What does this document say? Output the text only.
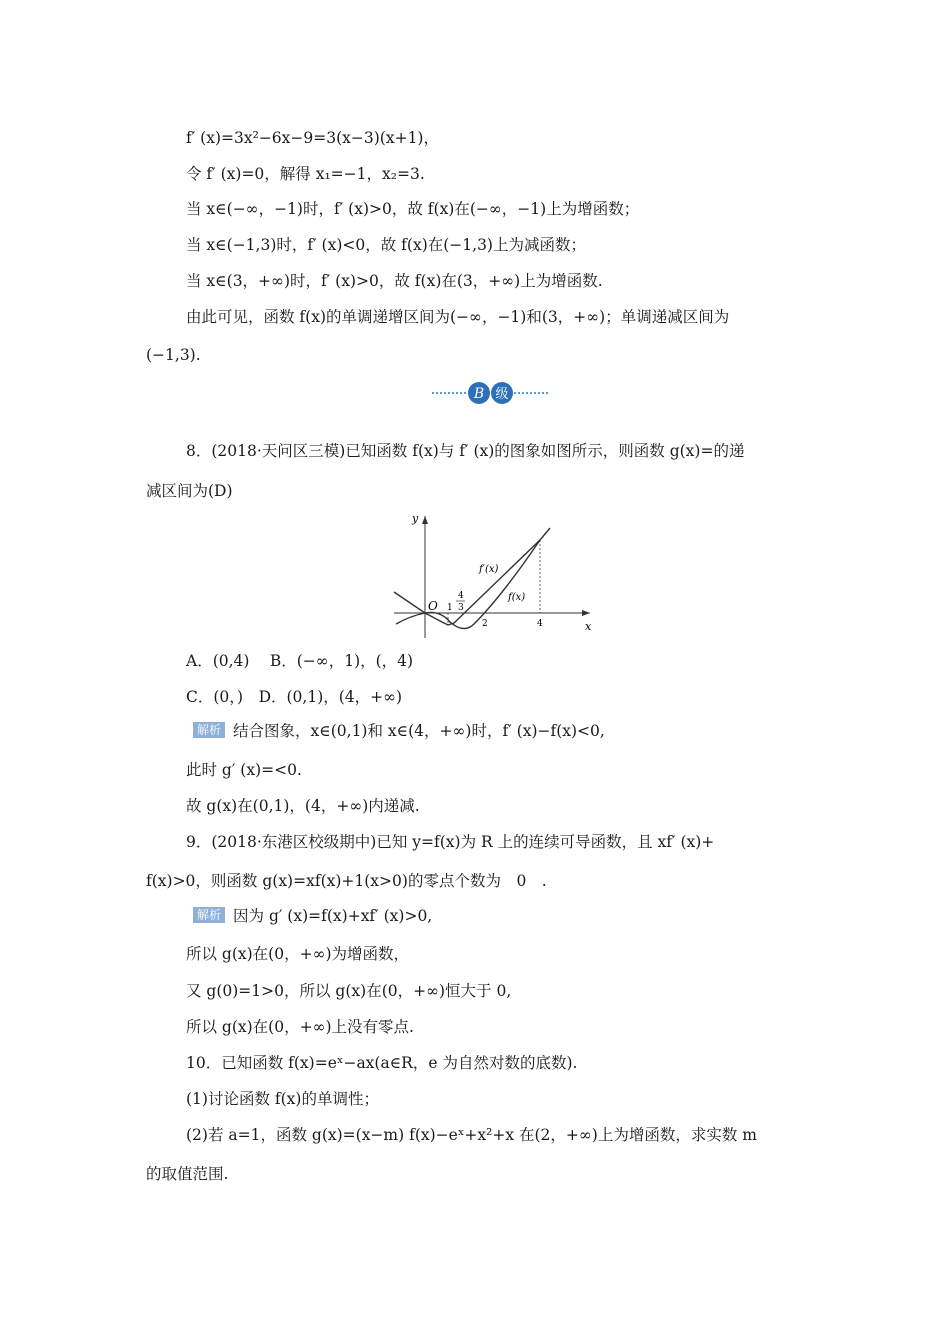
f′ (x)=3x²−6x−9=3(x−3)(x+1)，
令 f′ (x)=0，解得 x₁=−1，x₂=3.
当 x∈(−∞，−1)时，f′ (x)>0，故 f(x)在(−∞，−1)上为增函数；
当 x∈(−1,3)时，f′ (x)<0，故 f(x)在(−1,3)上为减函数；
当 x∈(3，+∞)时，f′ (x)>0，故 f(x)在(3，+∞)上为增函数.
由此可见，函数 f(x)的单调递增区间为(−∞，−1)和(3，+∞)；单调递减区间为
(−1,3).
B 级
8．(2018·天问区三模)已知函数 f(x)与 f′ (x)的图象如图所示，则函数 g(x)=的递
减区间为(D)
y
x
O 1
4
3
2	4
f′(x)
f(x)
A．(0,4)　 B．(−∞，1)，(，4)
C．(0，)　D．(0,1)，(4，+∞)
解析 结合图象，x∈(0,1)和 x∈(4，+∞)时，f′ (x)−f(x)<0,
此时 g′ (x)=<0.
故 g(x)在(0,1)，(4，+∞)内递减.
9．(2018·东港区校级期中)已知 y=f(x)为 R 上的连续可导函数，且 xf′ (x)+
f(x)>0，则函数 g(x)=xf(x)+1(x>0)的零点个数为　0　.
解析 因为 g′ (x)=f(x)+xf′ (x)>0,
所以 g(x)在(0，+∞)为增函数，
又 g(0)=1>0，所以 g(x)在(0，+∞)恒大于 0,
所以 g(x)在(0，+∞)上没有零点.
10．已知函数 f(x)=eˣ−ax(a∈R，e 为自然对数的底数).
(1)讨论函数 f(x)的单调性；
(2)若 a=1，函数 g(x)=(x−m) f(x)−eˣ+x²+x 在(2，+∞)上为增函数，求实数 m
的取值范围.
